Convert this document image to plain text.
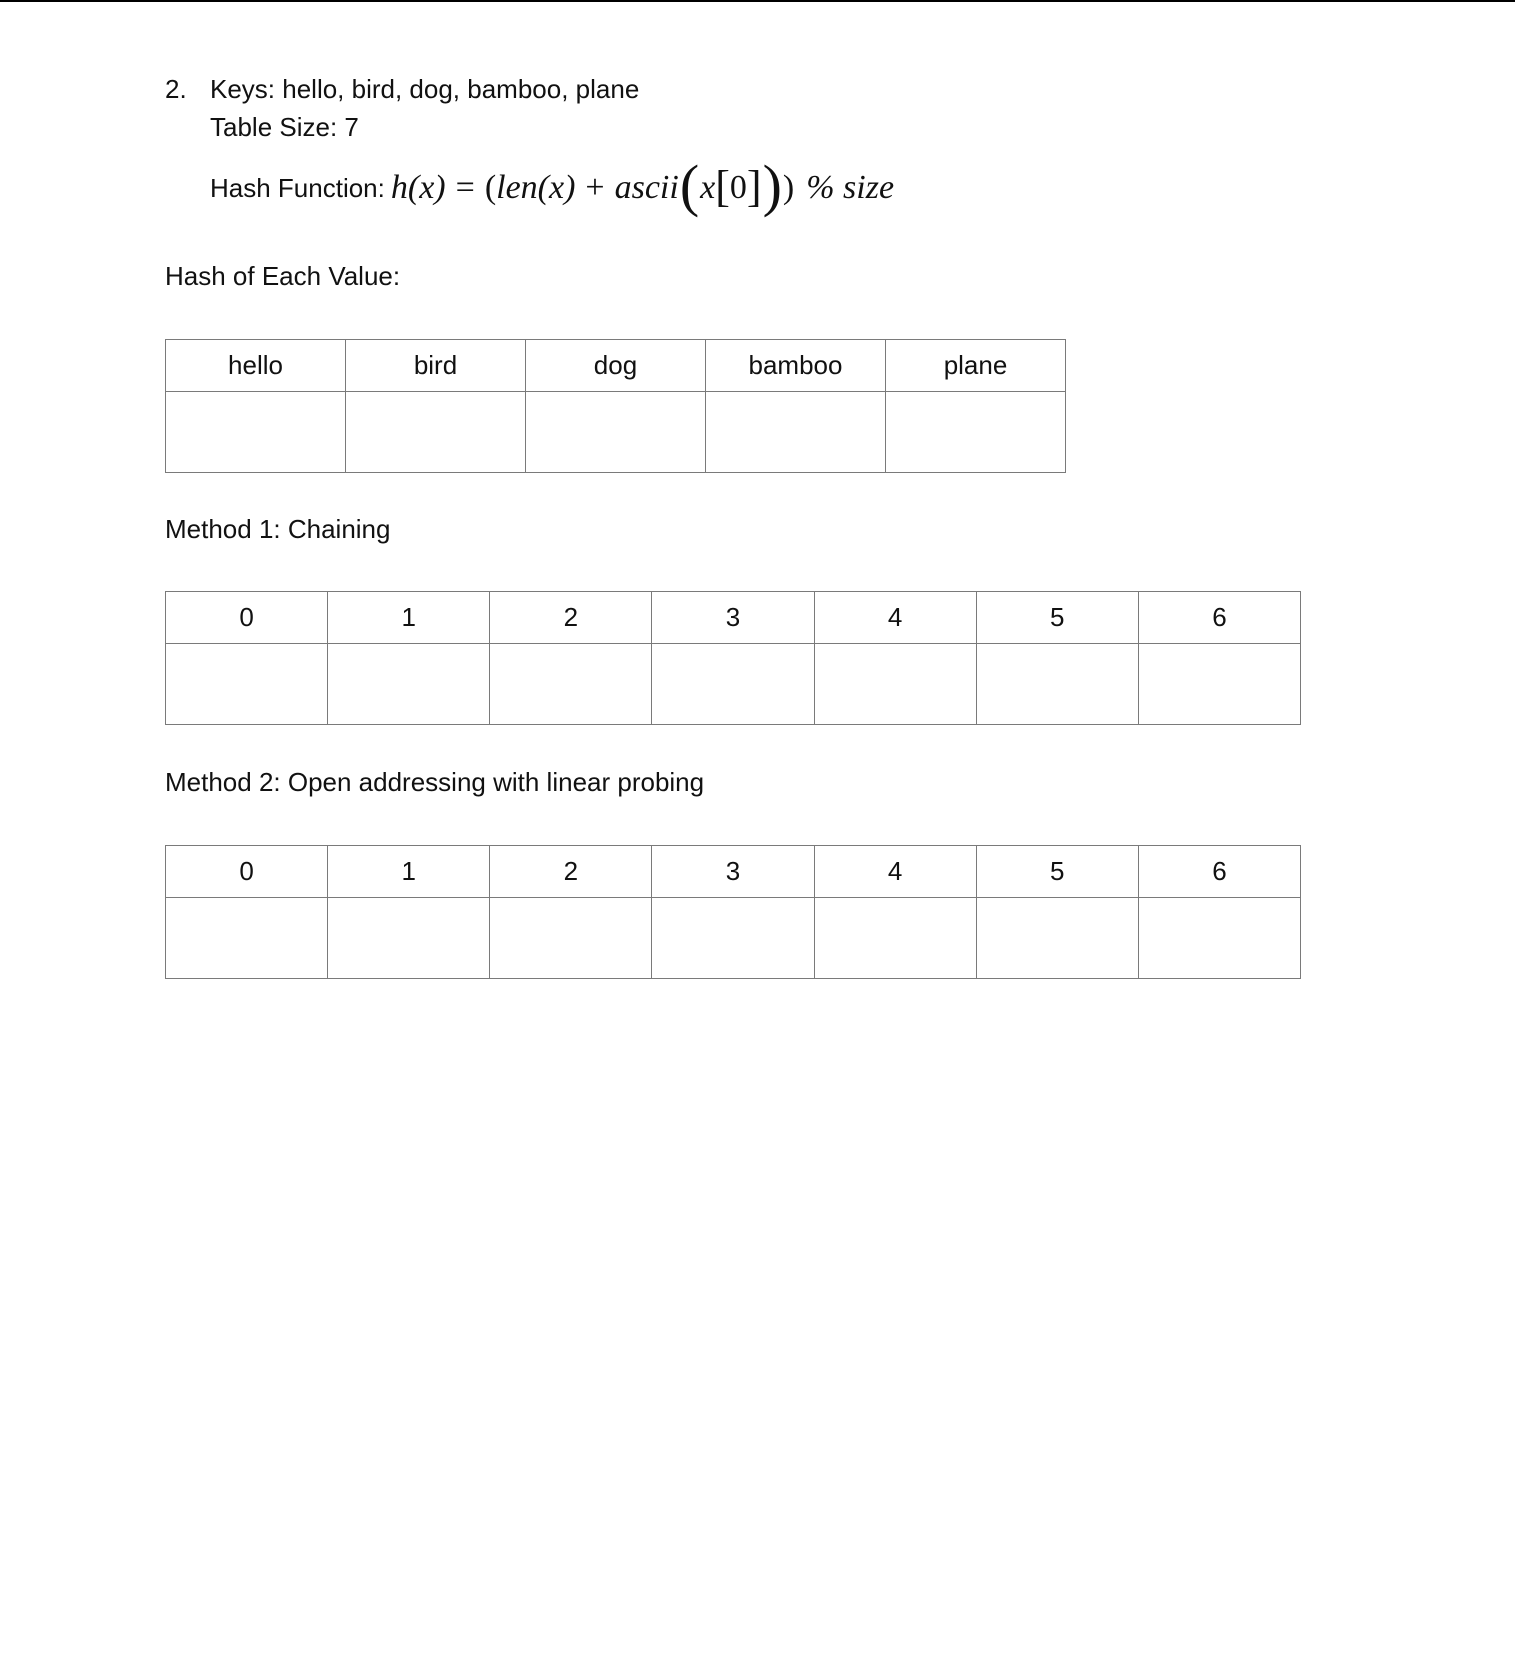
2. Keys: hello, bird, dog, bamboo, plane
Table Size: 7
Hash Function: h(x) = ( len(x) + ascii ( x [ 0 ] ) ) % size
Hash of Each Value:
hello	bird	dog	bamboo	plane

Method 1: Chaining
0	1	2	3	4	5	6

Method 2: Open addressing with linear probing
0	1	2	3	4	5	6
